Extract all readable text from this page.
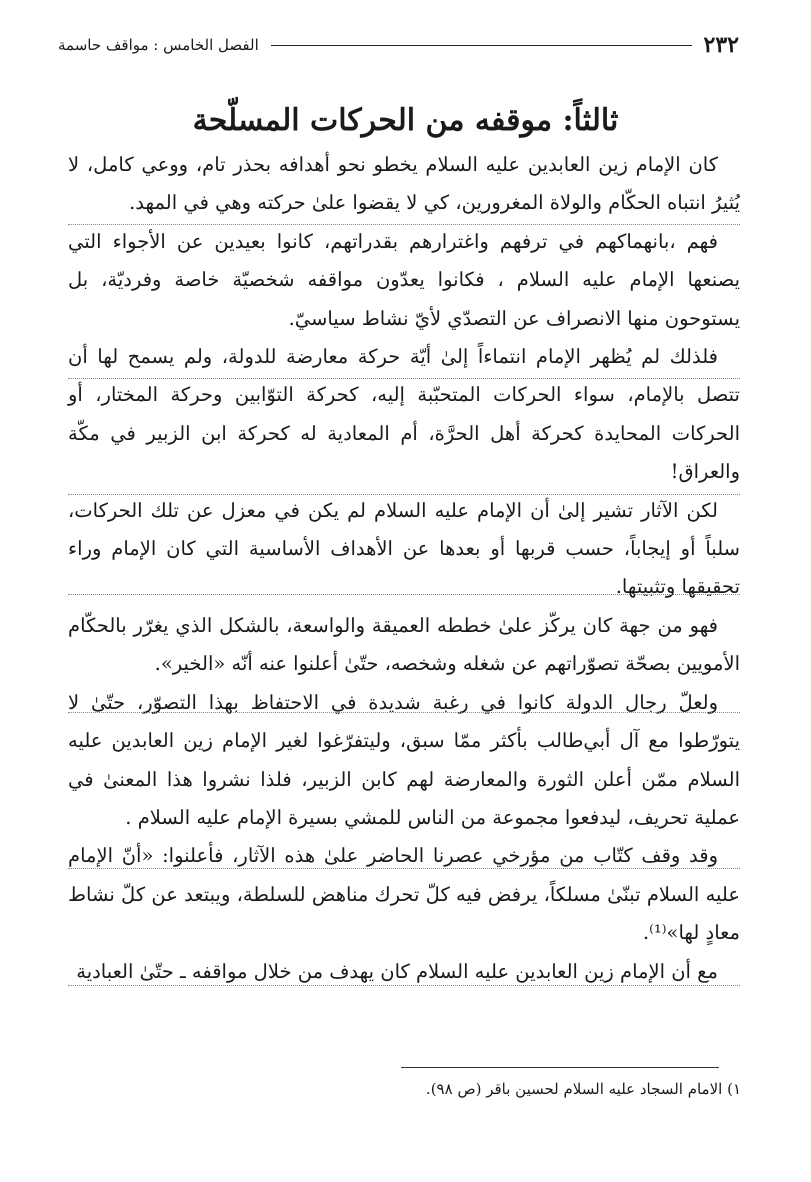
٢٣٢
الفصل الخامس : مواقف حاسمة
ثالثاً: موقفه من الحركات المسلّحة

كان الإمام زين العابدين عليه السلام يخطو نحو أهدافه بحذر تام، ووعي كامل، لا يُثيرُ انتباه الحكّام والولاة المغرورين، كي لا يقضوا علىٰ حركته وهي في المهد.

فهم ،بانهماكهم في ترفهم واغترارهم بقدراتهم، كانوا بعيدين عن الأجواء التي يصنعها الإمام عليه السلام ، فكانوا يعدّون مواقفه شخصيّة خاصة وفرديّة، بل يستوحون منها الانصراف عن التصدّي لأيّ نشاط سياسيّ.

فلذلك لم يُظهر الإمام انتماءاً إلىٰ أيّة حركة معارضة للدولة، ولم يسمح لها أن تتصل بالإمام، سواء الحركات المتحبّبة إليه، كحركة التوّابين وحركة المختار، أو الحركات المحايدة كحركة أهل الحرَّة، أم المعادية له كحركة ابن الزبير في مكّة والعراق!

لكن الآثار تشير إلىٰ أن الإمام عليه السلام لم يكن في معزل عن تلك الحركات، سلباً أو إيجاباً، حسب قربها أو بعدها عن الأهداف الأساسية التي كان الإمام وراء تحقيقها وتثبيتها.

فهو من جهة كان يركّز علىٰ خططه العميقة والواسعة، بالشكل الذي يغرّر بالحكّام الأمويين بصحّة تصوّراتهم عن شغله وشخصه، حتّىٰ أعلنوا عنه أنّه «الخير».

ولعلّ رجال الدولة كانوا في رغبة شديدة في الاحتفاظ بهذا التصوّر، حتّىٰ لا يتورّطوا مع آل أبي‌طالب بأكثر ممّا سبق، وليتفرّغوا لغير الإمام زين العابدين عليه السلام ممّن أعلن الثورة والمعارضة لهم كابن الزبير، فلذا نشروا هذا المعنىٰ في عملية تحريف، ليدفعوا مجموعة من الناس للمشي بسيرة الإمام عليه السلام .

وقد وقف كتّاب من مؤرخي عصرنا الحاضر علىٰ هذه الآثار، فأعلنوا: «أنّ الإمام عليه السلام تبنّىٰ مسلكاً، يرفض فيه كلّ تحرك مناهض للسلطة، ويبتعد عن كلّ نشاط معادٍ لها»⁽¹⁾.

مع أن الإمام زين العابدين عليه السلام كان يهدف من خلال مواقفه ـ حتّىٰ العبادية

١) الامام السجاد عليه السلام لحسين باقر (ص ٩٨).
